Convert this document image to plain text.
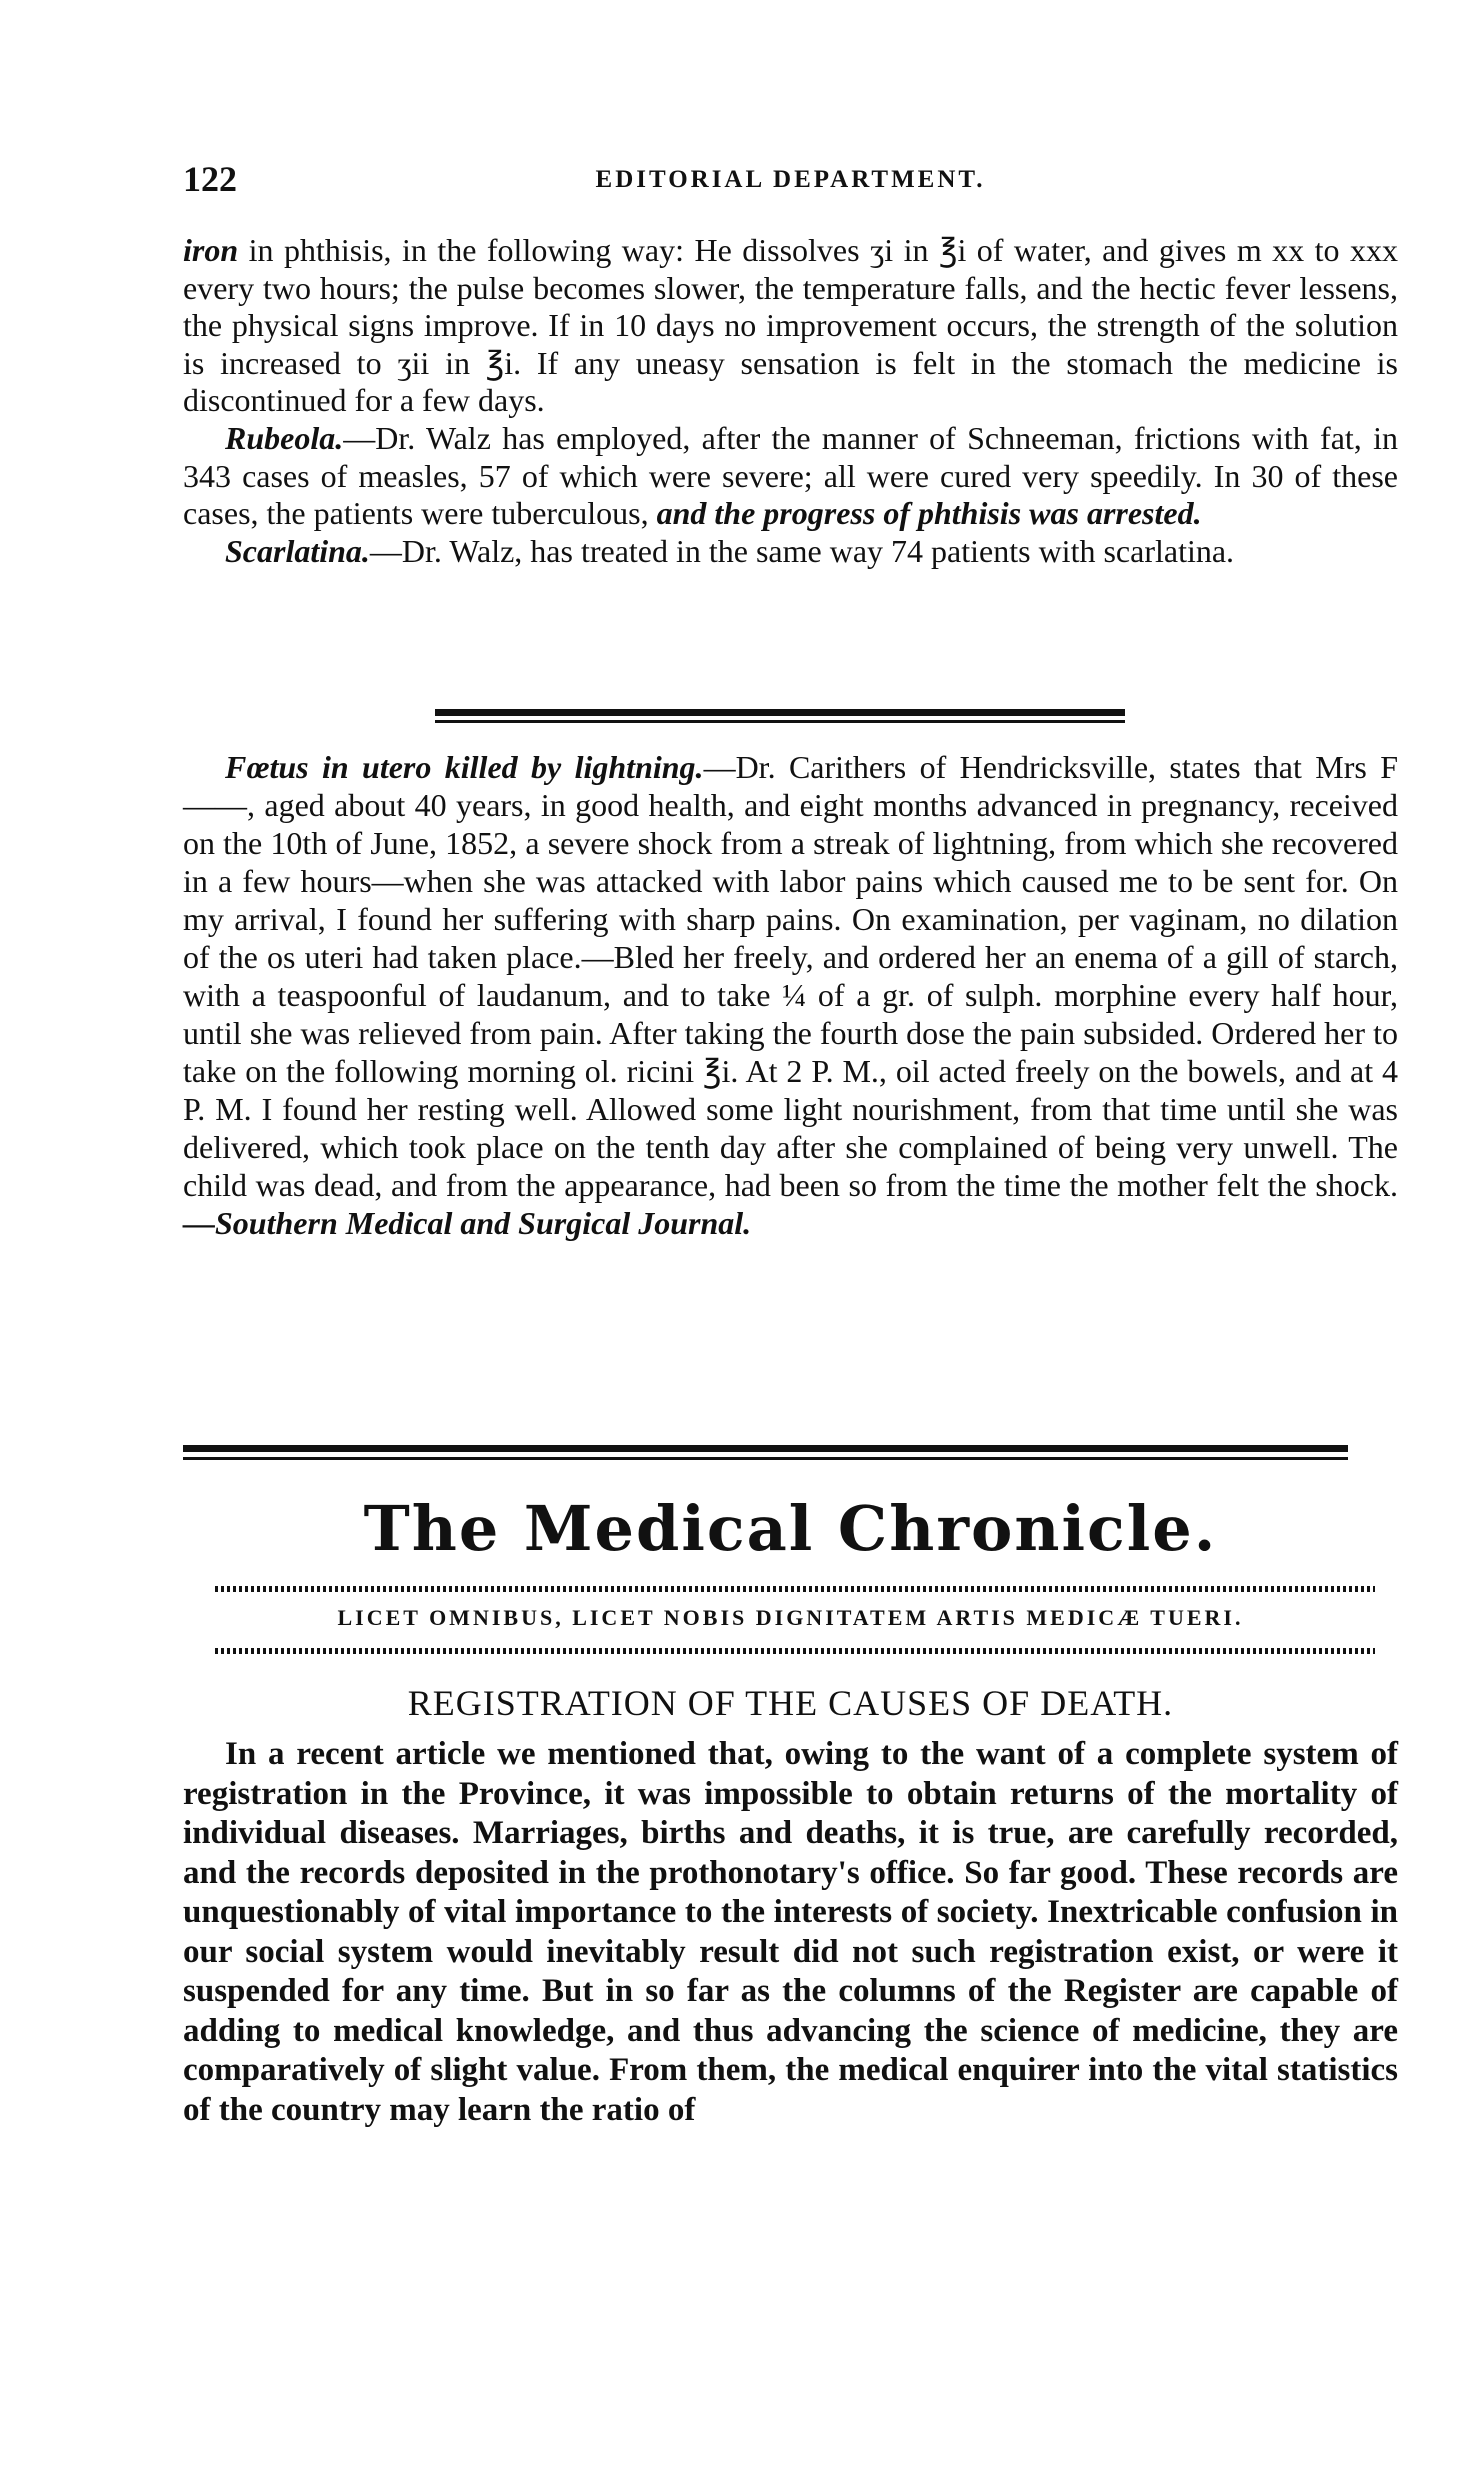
122	EDITORIAL DEPARTMENT.

iron in phthisis, in the following way: He dissolves ʒi in ℥i of water, and gives m xx to xxx every two hours; the pulse becomes slower, the temperature falls, and the hectic fever lessens, the physical signs improve. If in 10 days no improvement occurs, the strength of the solution is increased to ʒii in ℥i. If any uneasy sensation is felt in the stomach the medicine is discontinued for a few days.

Rubeola.—Dr. Walz has employed, after the manner of Schneeman, frictions with fat, in 343 cases of measles, 57 of which were severe; all were cured very speedily. In 30 of these cases, the patients were tuberculous, and the progress of phthisis was arrested.

Scarlatina.—Dr. Walz, has treated in the same way 74 patients with scarlatina.

Fœtus in utero killed by lightning.—Dr. Carithers of Hendricksville, states that Mrs F——, aged about 40 years, in good health, and eight months advanced in pregnancy, received on the 10th of June, 1852, a severe shock from a streak of lightning, from which she recovered in a few hours—when she was attacked with labor pains which caused me to be sent for. On my arrival, I found her suffering with sharp pains. On examination, per vaginam, no dilation of the os uteri had taken place.—Bled her freely, and ordered her an enema of a gill of starch, with a teaspoonful of laudanum, and to take ¼ of a gr. of sulph. morphine every half hour, until she was relieved from pain. After taking the fourth dose the pain subsided. Ordered her to take on the following morning ol. ricini ℥i. At 2 P. M., oil acted freely on the bowels, and at 4 P. M. I found her resting well. Allowed some light nourishment, from that time until she was delivered, which took place on the tenth day after she complained of being very unwell. The child was dead, and from the appearance, had been so from the time the mother felt the shock.—Southern Medical and Surgical Journal.

The Medical Chronicle.
LICET OMNIBUS, LICET NOBIS DIGNITATEM ARTIS MEDICÆ TUERI.
REGISTRATION OF THE CAUSES OF DEATH.

In a recent article we mentioned that, owing to the want of a complete system of registration in the Province, it was impossible to obtain returns of the mortality of individual diseases. Marriages, births and deaths, it is true, are carefully recorded, and the records deposited in the prothonotary's office. So far good. These records are unquestionably of vital importance to the interests of society. Inextricable confusion in our social system would inevitably result did not such registration exist, or were it suspended for any time. But in so far as the columns of the Register are capable of adding to medical knowledge, and thus advancing the science of medicine, they are comparatively of slight value. From them, the medical enquirer into the vital statistics of the country may learn the ratio of
